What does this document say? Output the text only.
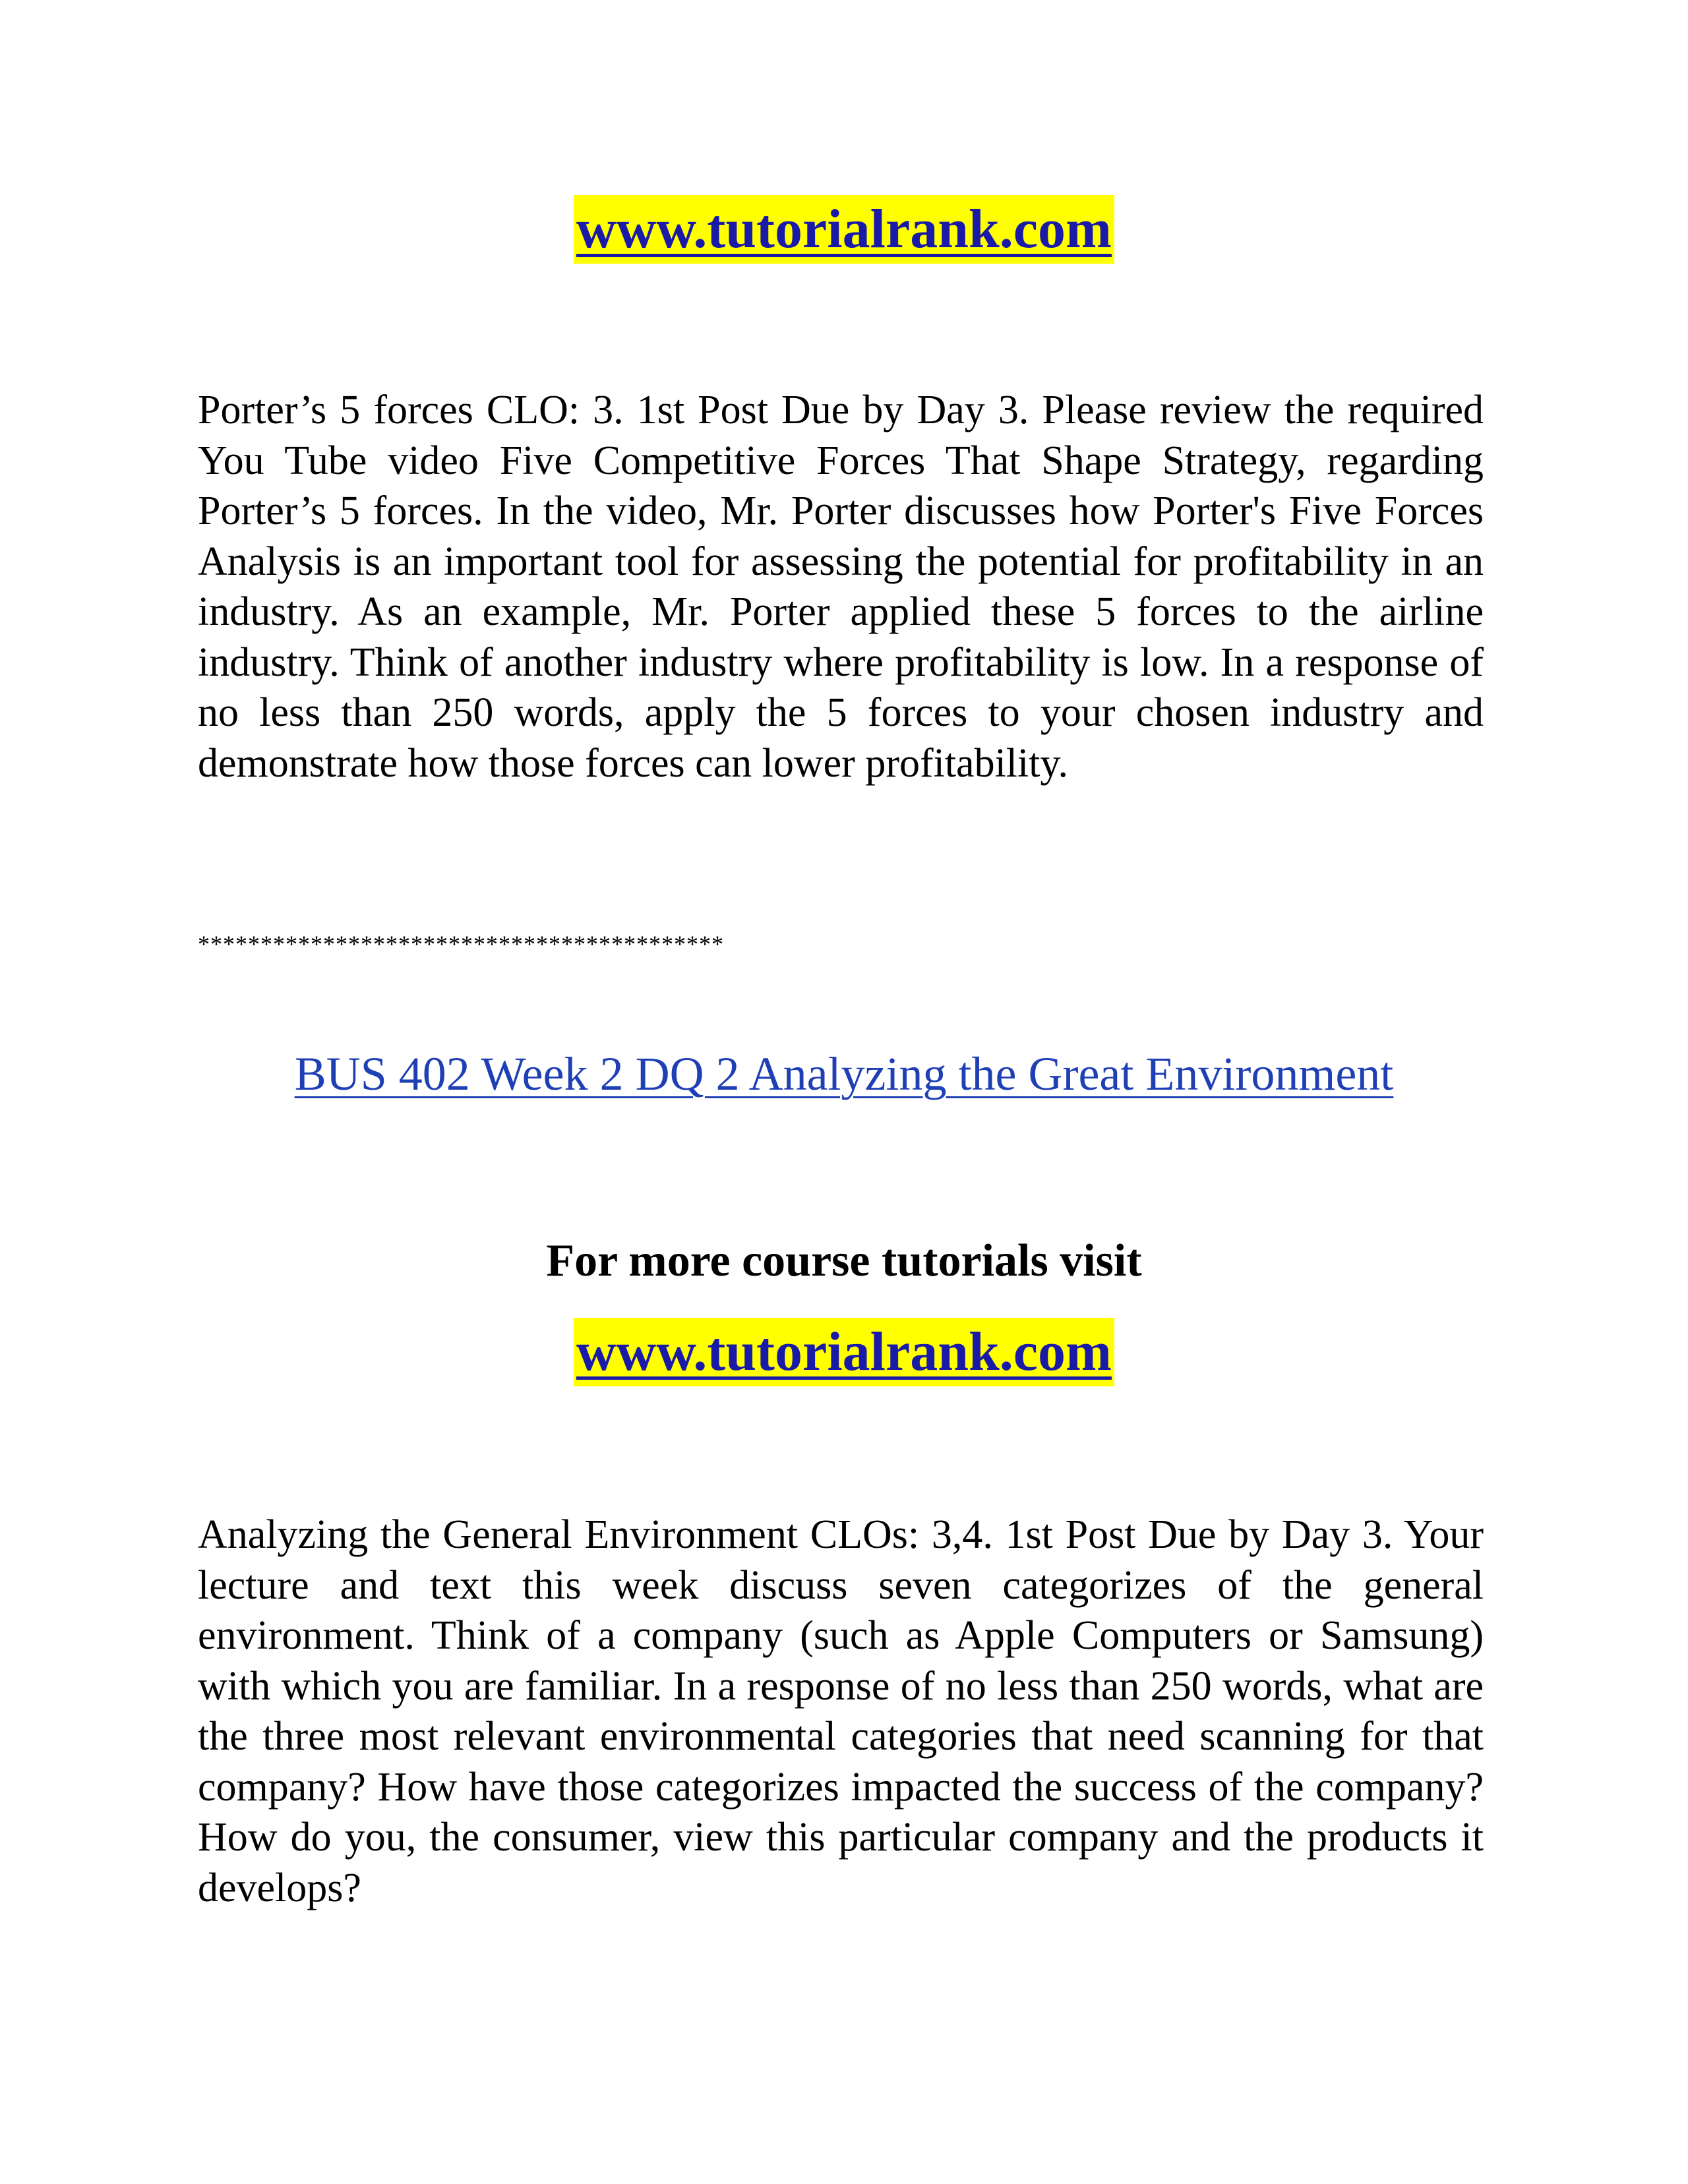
www.tutorialrank.com

Porter’s 5 forces CLO: 3. 1st Post Due by Day 3. Please review the required You Tube video Five Competitive Forces That Shape Strategy, regarding Porter’s 5 forces. In the video, Mr. Porter discusses how Porter's Five Forces Analysis is an important tool for assessing the potential for profitability in an industry. As an example, Mr. Porter applied these 5 forces to the airline industry. Think of another industry where profitability is low. In a response of no less than 250 words, apply the 5 forces to your chosen industry and demonstrate how those forces can lower profitability.

******************************************
BUS 402 Week 2 DQ 2 Analyzing the Great Environment
For more course tutorials visit
www.tutorialrank.com

Analyzing the General Environment CLOs: 3,4. 1st Post Due by Day 3. Your lecture and text this week discuss seven categorizes of the general environment. Think of a company (such as Apple Computers or Samsung) with which you are familiar. In a response of no less than 250 words, what are the three most relevant environmental categories that need scanning for that company? How have those categorizes impacted the success of the company? How do you, the consumer, view this particular company and the products it develops?
